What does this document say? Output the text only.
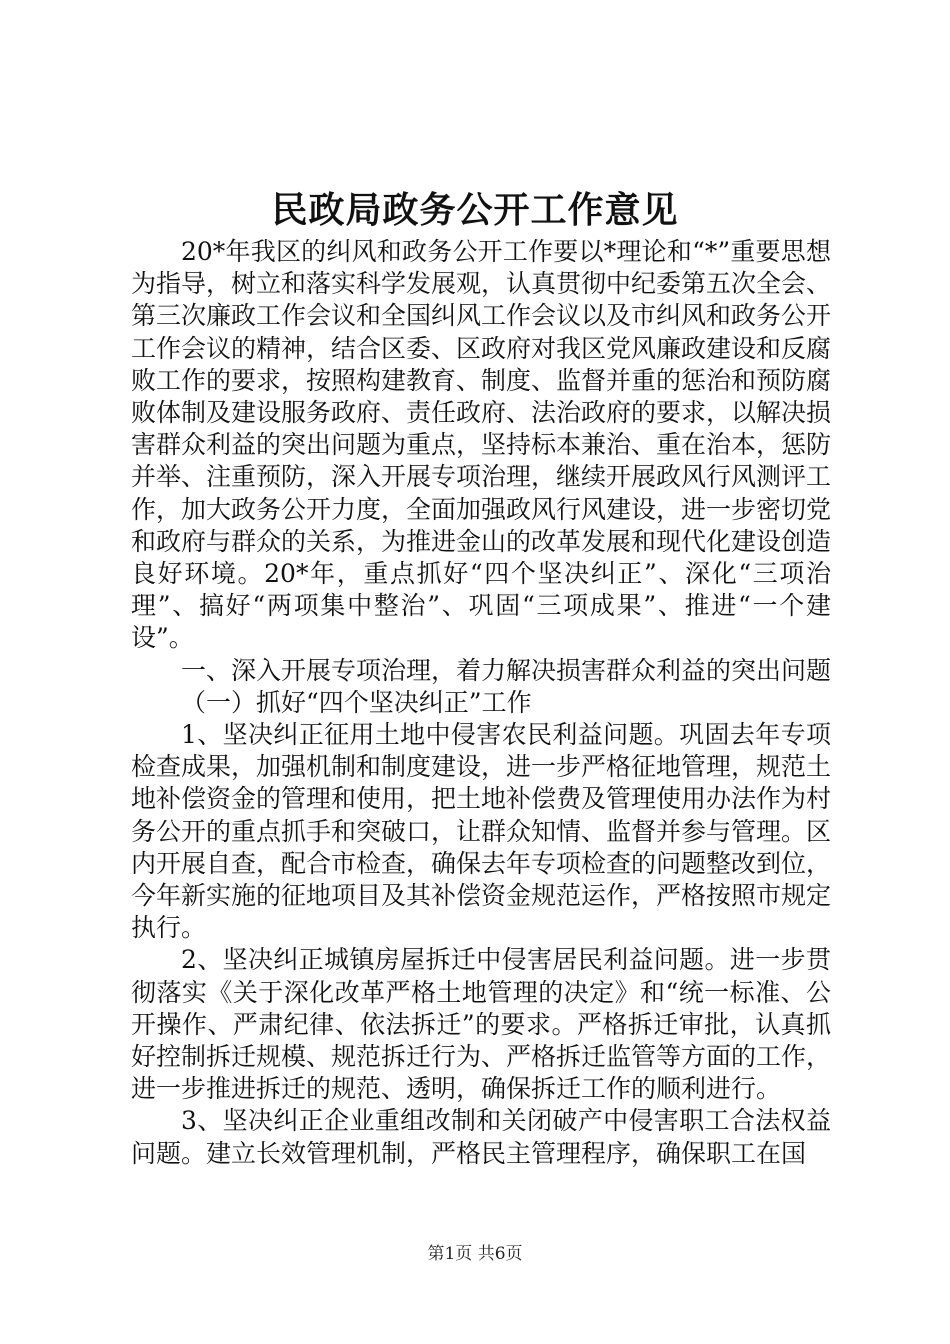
民政局政务公开工作意见

20*年我区的纠风和政务公开工作要以*理论和“*”重要思想为指导，树立和落实科学发展观，认真贯彻中纪委第五次全会、第三次廉政工作会议和全国纠风工作会议以及市纠风和政务公开工作会议的精神，结合区委、区政府对我区党风廉政建设和反腐败工作的要求，按照构建教育、制度、监督并重的惩治和预防腐败体制及建设服务政府、责任政府、法治政府的要求，以解决损害群众利益的突出问题为重点，坚持标本兼治、重在治本，惩防并举、注重预防，深入开展专项治理，继续开展政风行风测评工作，加大政务公开力度，全面加强政风行风建设，进一步密切党和政府与群众的关系，为推进金山的改革发展和现代化建设创造良好环境。20*年，重点抓好“四个坚决纠正”、深化“三项治理”、搞好“两项集中整治”、巩固“三项成果”、推进“一个建设”。

一、深入开展专项治理，着力解决损害群众利益的突出问题

（一）抓好“四个坚决纠正”工作

1、坚决纠正征用土地中侵害农民利益问题。巩固去年专项检查成果，加强机制和制度建设，进一步严格征地管理，规范土地补偿资金的管理和使用，把土地补偿费及管理使用办法作为村务公开的重点抓手和突破口，让群众知情、监督并参与管理。区内开展自查，配合市检查，确保去年专项检查的问题整改到位，今年新实施的征地项目及其补偿资金规范运作，严格按照市规定执行。

2、坚决纠正城镇房屋拆迁中侵害居民利益问题。进一步贯彻落实《关于深化改革严格土地管理的决定》和“统一标准、公开操作、严肃纪律、依法拆迁”的要求。严格拆迁审批，认真抓好控制拆迁规模、规范拆迁行为、严格拆迁监管等方面的工作，进一步推进拆迁的规范、透明，确保拆迁工作的顺利进行。

3、坚决纠正企业重组改制和关闭破产中侵害职工合法权益问题。建立长效管理机制，严格民主管理程序，确保职工在国

第1页 共6页
